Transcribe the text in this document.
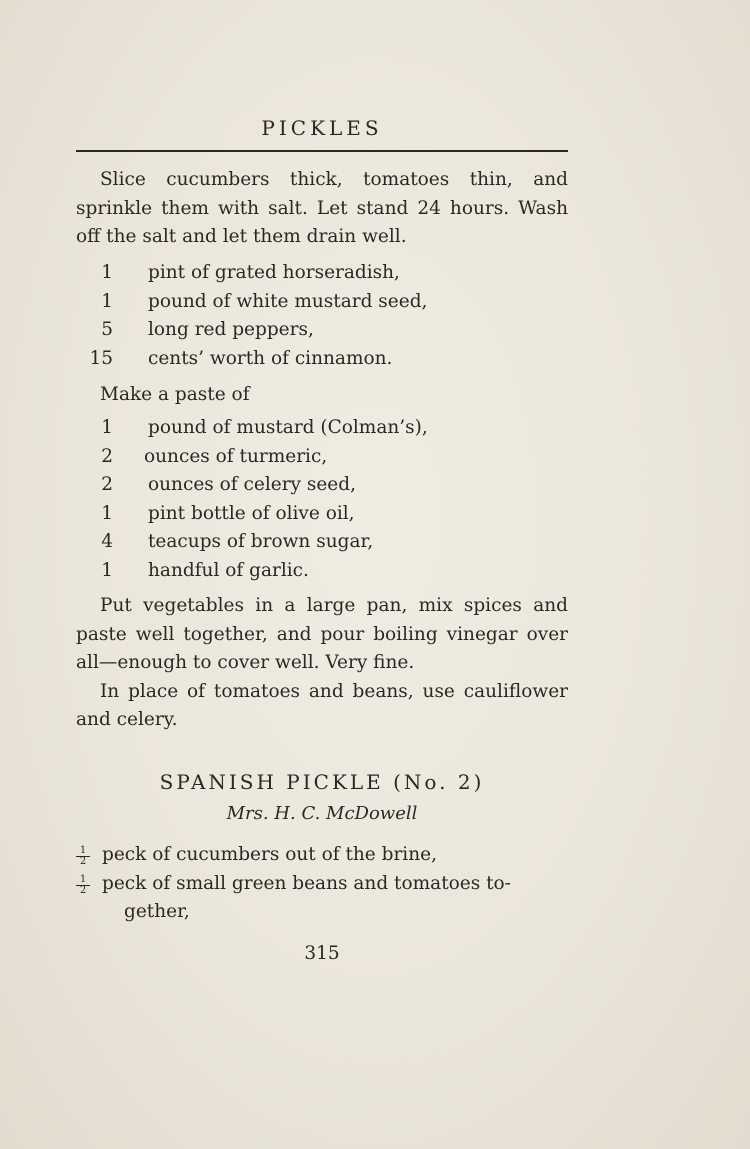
PICKLES

Slice cucumbers thick, tomatoes thin, and sprinkle them with salt. Let stand 24 hours. Wash off the salt and let them drain well.

1 pint of grated horseradish,
1 pound of white mustard seed,
5 long red peppers,
15 cents’ worth of cinnamon.

Make a paste of

1 pound of mustard (Colman’s),
2 ounces of turmeric,
2 ounces of celery seed,
1 pint bottle of olive oil,
4 teacups of brown sugar,
1 handful of garlic.

Put vegetables in a large pan, mix spices and paste well together, and pour boiling vinegar over all—enough to cover well. Very fine.

In place of tomatoes and beans, use cauliflower and celery.

SPANISH PICKLE (No. 2)
Mrs. H. C. McDowell
$\frac{1}{2}$ peck of cucumbers out of the brine,
$\frac{1}{2}$ peck of small green beans and tomatoes to-
gether,
315
